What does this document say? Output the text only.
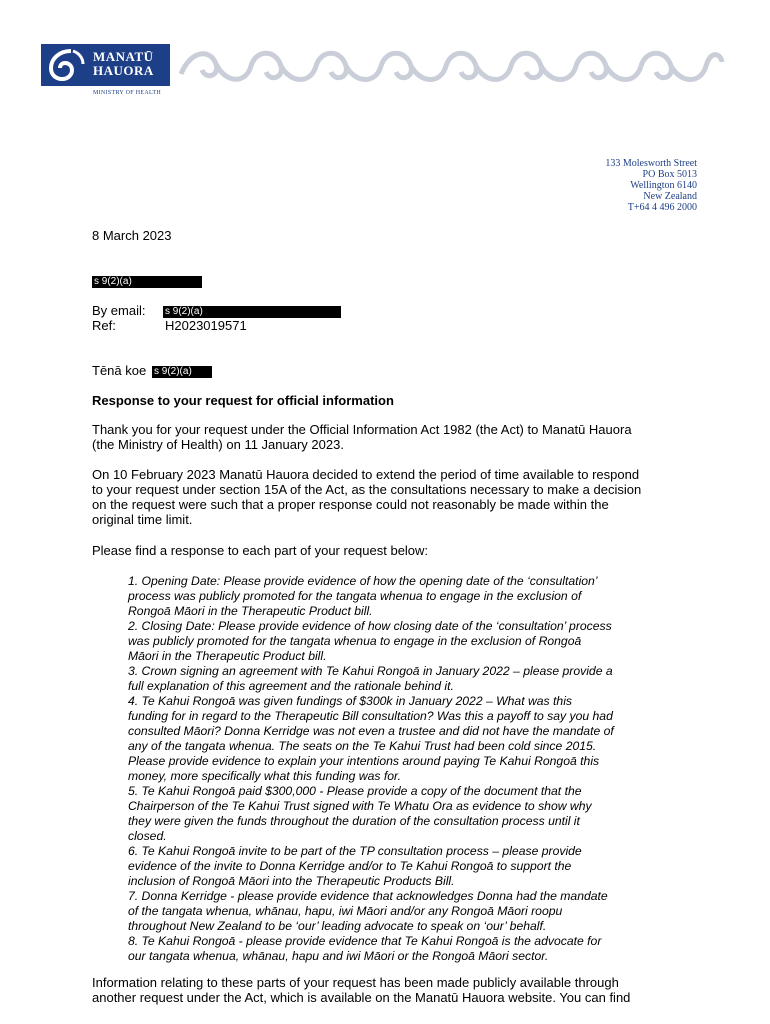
MANATŪ
HAUORA
MINISTRY OF HEALTH
133 Molesworth Street
PO Box 5013
Wellington 6140
New Zealand
T+64 4 496 2000
8 March 2023
s 9(2)(a)
By email: s 9(2)(a)
Ref:	H2023019571
Tēnā koe s 9(2)(a)
Response to your request for official information
Thank you for your request under the Official Information Act 1982 (the Act) to Manatū Hauora
(the Ministry of Health) on 11 January 2023.
On 10 February 2023 Manatū Hauora decided to extend the period of time available to respond
to your request under section 15A of the Act, as the consultations necessary to make a decision
on the request were such that a proper response could not reasonably be made within the
original time limit.
Please find a response to each part of your request below:
1. Opening Date: Please provide evidence of how the opening date of the ‘consultation’
process was publicly promoted for the tangata whenua to engage in the exclusion of
Rongoā Māori in the Therapeutic Product bill.
2. Closing Date: Please provide evidence of how closing date of the ‘consultation’ process
was publicly promoted for the tangata whenua to engage in the exclusion of Rongoā
Māori in the Therapeutic Product bill.
3. Crown signing an agreement with Te Kahui Rongoā in January 2022 – please provide a
full explanation of this agreement and the rationale behind it.
4. Te Kahui Rongoā was given fundings of $300k in January 2022 – What was this
funding for in regard to the Therapeutic Bill consultation? Was this a payoff to say you had
consulted Māori? Donna Kerridge was not even a trustee and did not have the mandate of
any of the tangata whenua. The seats on the Te Kahui Trust had been cold since 2015.
Please provide evidence to explain your intentions around paying Te Kahui Rongoā this
money, more specifically what this funding was for.
5. Te Kahui Rongoā paid $300,000 - Please provide a copy of the document that the
Chairperson of the Te Kahui Trust signed with Te Whatu Ora as evidence to show why
they were given the funds throughout the duration of the consultation process until it
closed.
6. Te Kahui Rongoā invite to be part of the TP consultation process – please provide
evidence of the invite to Donna Kerridge and/or to Te Kahui Rongoā to support the
inclusion of Rongoā Māori into the Therapeutic Products Bill.
7. Donna Kerridge - please provide evidence that acknowledges Donna had the mandate
of the tangata whenua, whānau, hapu, iwi Māori and/or any Rongoā Māori roopu
throughout New Zealand to be ‘our’ leading advocate to speak on ‘our’ behalf.
8. Te Kahui Rongoā - please provide evidence that Te Kahui Rongoā is the advocate for
our tangata whenua, whānau, hapu and iwi Māori or the Rongoā Māori sector.
Information relating to these parts of your request has been made publicly available through
another request under the Act, which is available on the Manatū Hauora website. You can find
